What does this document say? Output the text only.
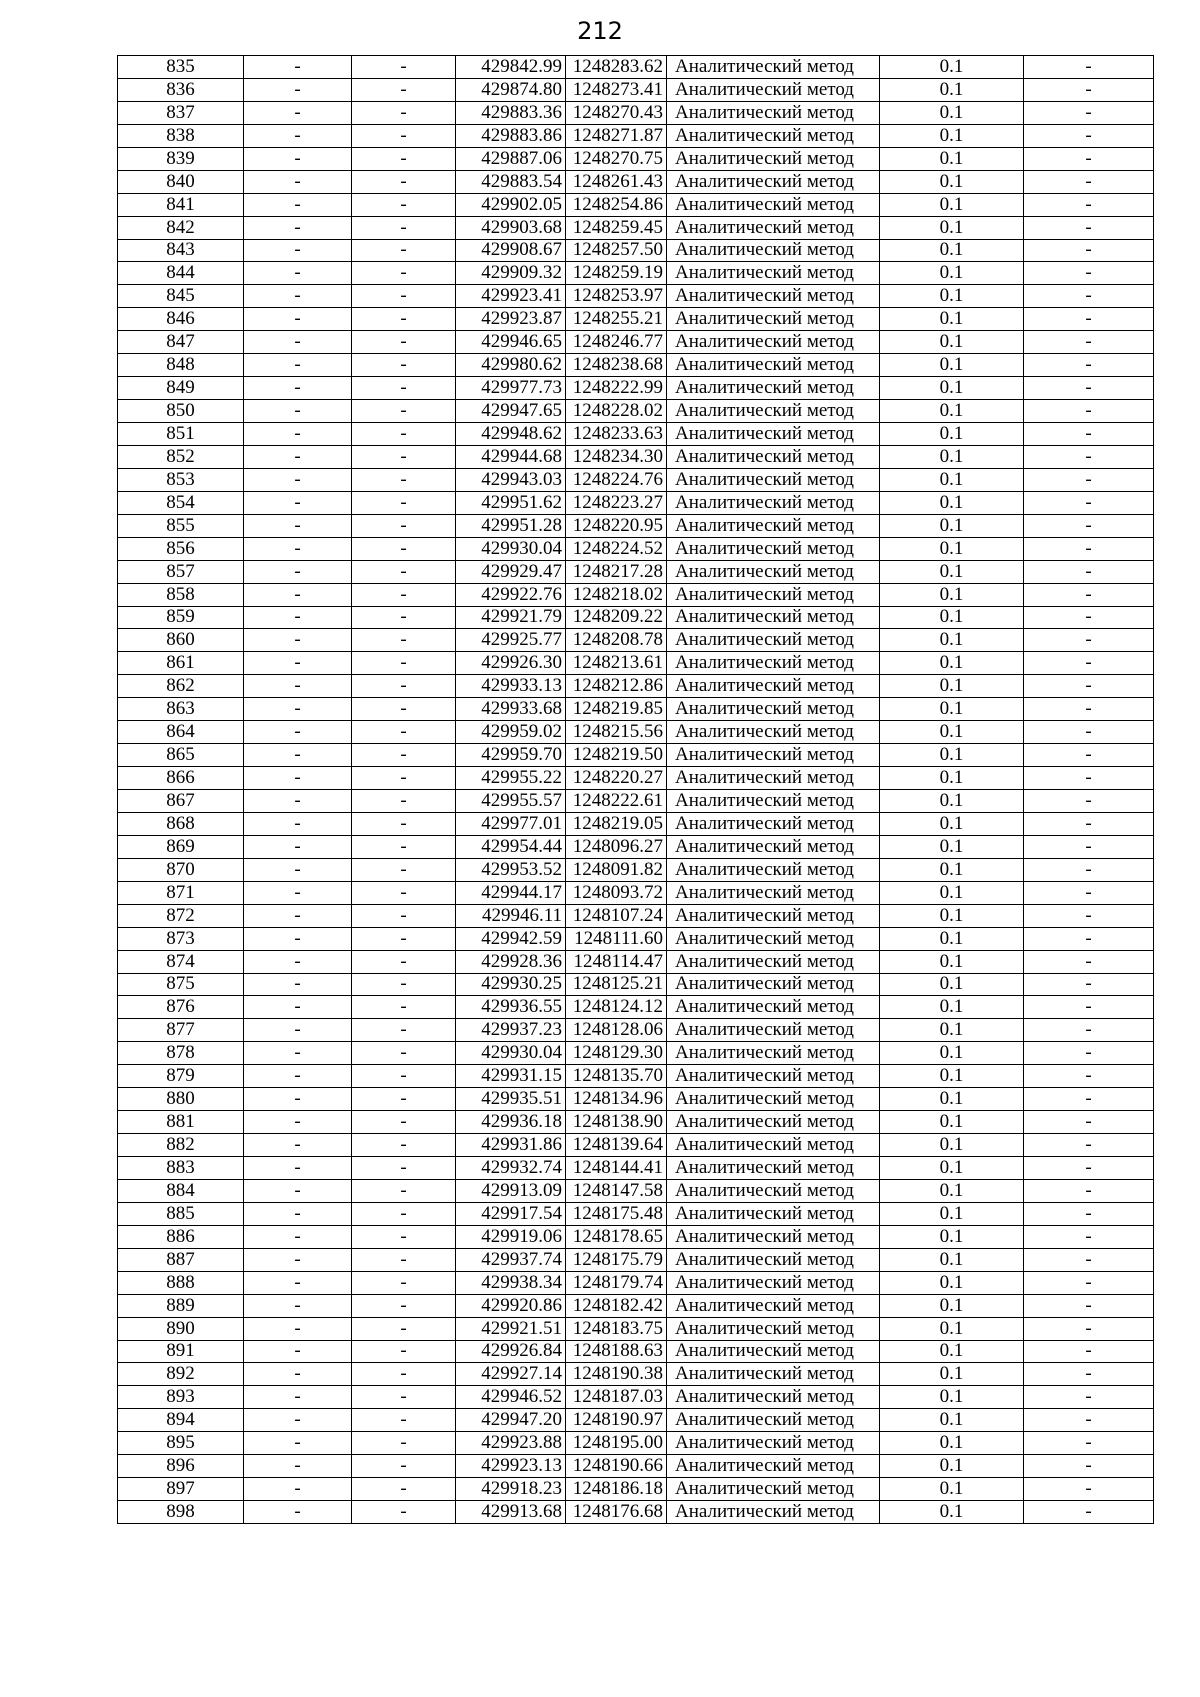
212
835	-	-	429842.99	1248283.62	Аналитический метод	0.1	-
836	-	-	429874.80	1248273.41	Аналитический метод	0.1	-
837	-	-	429883.36	1248270.43	Аналитический метод	0.1	-
838	-	-	429883.86	1248271.87	Аналитический метод	0.1	-
839	-	-	429887.06	1248270.75	Аналитический метод	0.1	-
840	-	-	429883.54	1248261.43	Аналитический метод	0.1	-
841	-	-	429902.05	1248254.86	Аналитический метод	0.1	-
842	-	-	429903.68	1248259.45	Аналитический метод	0.1	-
843	-	-	429908.67	1248257.50	Аналитический метод	0.1	-
844	-	-	429909.32	1248259.19	Аналитический метод	0.1	-
845	-	-	429923.41	1248253.97	Аналитический метод	0.1	-
846	-	-	429923.87	1248255.21	Аналитический метод	0.1	-
847	-	-	429946.65	1248246.77	Аналитический метод	0.1	-
848	-	-	429980.62	1248238.68	Аналитический метод	0.1	-
849	-	-	429977.73	1248222.99	Аналитический метод	0.1	-
850	-	-	429947.65	1248228.02	Аналитический метод	0.1	-
851	-	-	429948.62	1248233.63	Аналитический метод	0.1	-
852	-	-	429944.68	1248234.30	Аналитический метод	0.1	-
853	-	-	429943.03	1248224.76	Аналитический метод	0.1	-
854	-	-	429951.62	1248223.27	Аналитический метод	0.1	-
855	-	-	429951.28	1248220.95	Аналитический метод	0.1	-
856	-	-	429930.04	1248224.52	Аналитический метод	0.1	-
857	-	-	429929.47	1248217.28	Аналитический метод	0.1	-
858	-	-	429922.76	1248218.02	Аналитический метод	0.1	-
859	-	-	429921.79	1248209.22	Аналитический метод	0.1	-
860	-	-	429925.77	1248208.78	Аналитический метод	0.1	-
861	-	-	429926.30	1248213.61	Аналитический метод	0.1	-
862	-	-	429933.13	1248212.86	Аналитический метод	0.1	-
863	-	-	429933.68	1248219.85	Аналитический метод	0.1	-
864	-	-	429959.02	1248215.56	Аналитический метод	0.1	-
865	-	-	429959.70	1248219.50	Аналитический метод	0.1	-
866	-	-	429955.22	1248220.27	Аналитический метод	0.1	-
867	-	-	429955.57	1248222.61	Аналитический метод	0.1	-
868	-	-	429977.01	1248219.05	Аналитический метод	0.1	-
869	-	-	429954.44	1248096.27	Аналитический метод	0.1	-
870	-	-	429953.52	1248091.82	Аналитический метод	0.1	-
871	-	-	429944.17	1248093.72	Аналитический метод	0.1	-
872	-	-	429946.11	1248107.24	Аналитический метод	0.1	-
873	-	-	429942.59	1248111.60	Аналитический метод	0.1	-
874	-	-	429928.36	1248114.47	Аналитический метод	0.1	-
875	-	-	429930.25	1248125.21	Аналитический метод	0.1	-
876	-	-	429936.55	1248124.12	Аналитический метод	0.1	-
877	-	-	429937.23	1248128.06	Аналитический метод	0.1	-
878	-	-	429930.04	1248129.30	Аналитический метод	0.1	-
879	-	-	429931.15	1248135.70	Аналитический метод	0.1	-
880	-	-	429935.51	1248134.96	Аналитический метод	0.1	-
881	-	-	429936.18	1248138.90	Аналитический метод	0.1	-
882	-	-	429931.86	1248139.64	Аналитический метод	0.1	-
883	-	-	429932.74	1248144.41	Аналитический метод	0.1	-
884	-	-	429913.09	1248147.58	Аналитический метод	0.1	-
885	-	-	429917.54	1248175.48	Аналитический метод	0.1	-
886	-	-	429919.06	1248178.65	Аналитический метод	0.1	-
887	-	-	429937.74	1248175.79	Аналитический метод	0.1	-
888	-	-	429938.34	1248179.74	Аналитический метод	0.1	-
889	-	-	429920.86	1248182.42	Аналитический метод	0.1	-
890	-	-	429921.51	1248183.75	Аналитический метод	0.1	-
891	-	-	429926.84	1248188.63	Аналитический метод	0.1	-
892	-	-	429927.14	1248190.38	Аналитический метод	0.1	-
893	-	-	429946.52	1248187.03	Аналитический метод	0.1	-
894	-	-	429947.20	1248190.97	Аналитический метод	0.1	-
895	-	-	429923.88	1248195.00	Аналитический метод	0.1	-
896	-	-	429923.13	1248190.66	Аналитический метод	0.1	-
897	-	-	429918.23	1248186.18	Аналитический метод	0.1	-
898	-	-	429913.68	1248176.68	Аналитический метод	0.1	-
